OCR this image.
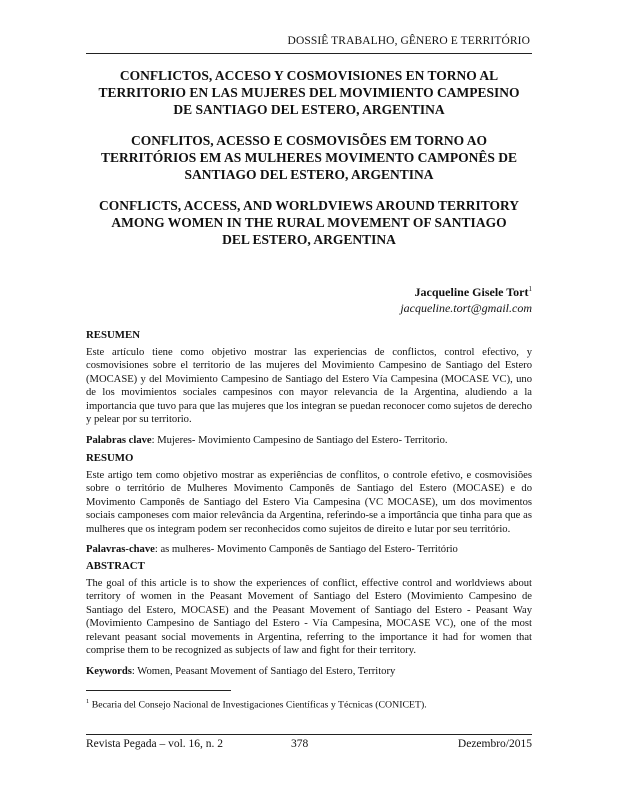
DOSSIÊ TRABALHO, GÊNERO E TERRITÓRIO
CONFLICTOS, ACCESO Y COSMOVISIONES EN TORNO AL
TERRITORIO EN LAS MUJERES DEL MOVIMIENTO CAMPESINO
DE SANTIAGO DEL ESTERO, ARGENTINA
CONFLITOS, ACESSO E COSMOVISÕES EM TORNO AO
TERRITÓRIOS EM AS MULHERES MOVIMENTO CAMPONÊS DE
SANTIAGO DEL ESTERO, ARGENTINA
CONFLICTS, ACCESS, AND WORLDVIEWS AROUND TERRITORY
AMONG WOMEN IN THE RURAL MOVEMENT OF SANTIAGO
DEL ESTERO, ARGENTINA
Jacqueline Gisele Tort$^1$
jacqueline.tort@gmail.com
RESUMEN

Este artículo tiene como objetivo mostrar las experiencias de conflictos, control efectivo, y cosmovisiones sobre el territorio de las mujeres del Movimiento Campesino de Santiago del Estero (MOCASE) y del Movimiento Campesino de Santiago del Estero Vía Campesina (MOCASE VC), uno de los movimientos sociales campesinos con mayor relevancia de la Argentina, aludiendo a la importancia que tuvo para que las mujeres que los integran se puedan reconocer como sujetos de derecho y pelear por su territorio.

Palabras clave: Mujeres- Movimiento Campesino de Santiago del Estero- Territorio.
RESUMO

Este artigo tem como objetivo mostrar as experiências de conflitos, o controle efetivo, e cosmovisiões sobre o território de Mulheres Movimento Camponês de Santiago del Estero (MOCASE) e do Movimento Camponês de Santiago del Estero Via Campesina (VC MOCASE), um dos movimentos sociais camponeses com maior relevância da Argentina, referindo-se a importância que tinha para que as mulheres que os integram podem ser reconhecidos como sujeitos de direito e lutar por seu território.

Palavras-chave: as mulheres- Movimento Camponês de Santiago del Estero- Território
ABSTRACT

The goal of this article is to show the experiences of conflict, effective control and worldviews about territory of women in the Peasant Movement of Santiago del Estero (Movimiento Campesino de Santiago del Estero, MOCASE) and the Peasant Movement of Santiago del Estero - Peasant Way (Movimiento Campesino de Santiago del Estero - Vía Campesina, MOCASE VC), one of the most relevant peasant social movements in Argentina, referring to the importance it had for women that comprise them to be recognized as subjects of law and fight for their territory.

Keywords: Women, Peasant Movement of Santiago del Estero, Territory
$^1$ Becaria del Consejo Nacional de Investigaciones Científicas y Técnicas (CONICET).
Revista Pegada – vol. 16, n. 2	378	Dezembro/2015
